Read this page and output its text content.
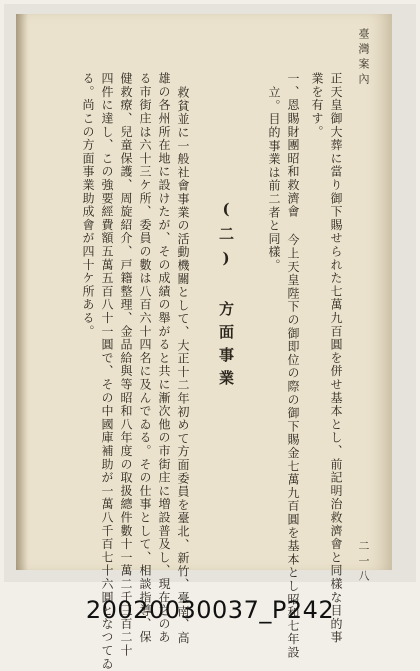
臺灣案內
二一八
正天皇御大葬に當り御下賜せられた七萬九百圓を併せ基本とし、前記明治救濟會と同樣な目的事
業を有す。
一、恩賜財團昭和救濟會 今上天皇陛下の御即位の際の御下賜金七萬九百圓を基本とし昭和七年設
立。目的事業は前二者と同樣。
(二) 方面事業
救貧並に一般社會事業の活動機關として、大正十二年初めて方面委員を臺北、新竹、臺南、高
雄の各州所在地に設けたが、その成績の舉がると共に漸次他の市街庄に増設普及し、現在之のあ
る市街庄は六十三ケ所、委員の數は八百六十四名に及んでゐる。その仕事として、相談指導、保
健救療、兒童保護、周旋紹介、戸籍整理、金品給與等昭和八年度の取扱總件數十一萬二千三百二十
四件に達し、この強要經費額五萬五百八十一圓で、その中國庫補助が一萬八千百七十六圓となつてゐ
る。尚この方面事業助成會が四十ケ所ある。
20020030037_P242
